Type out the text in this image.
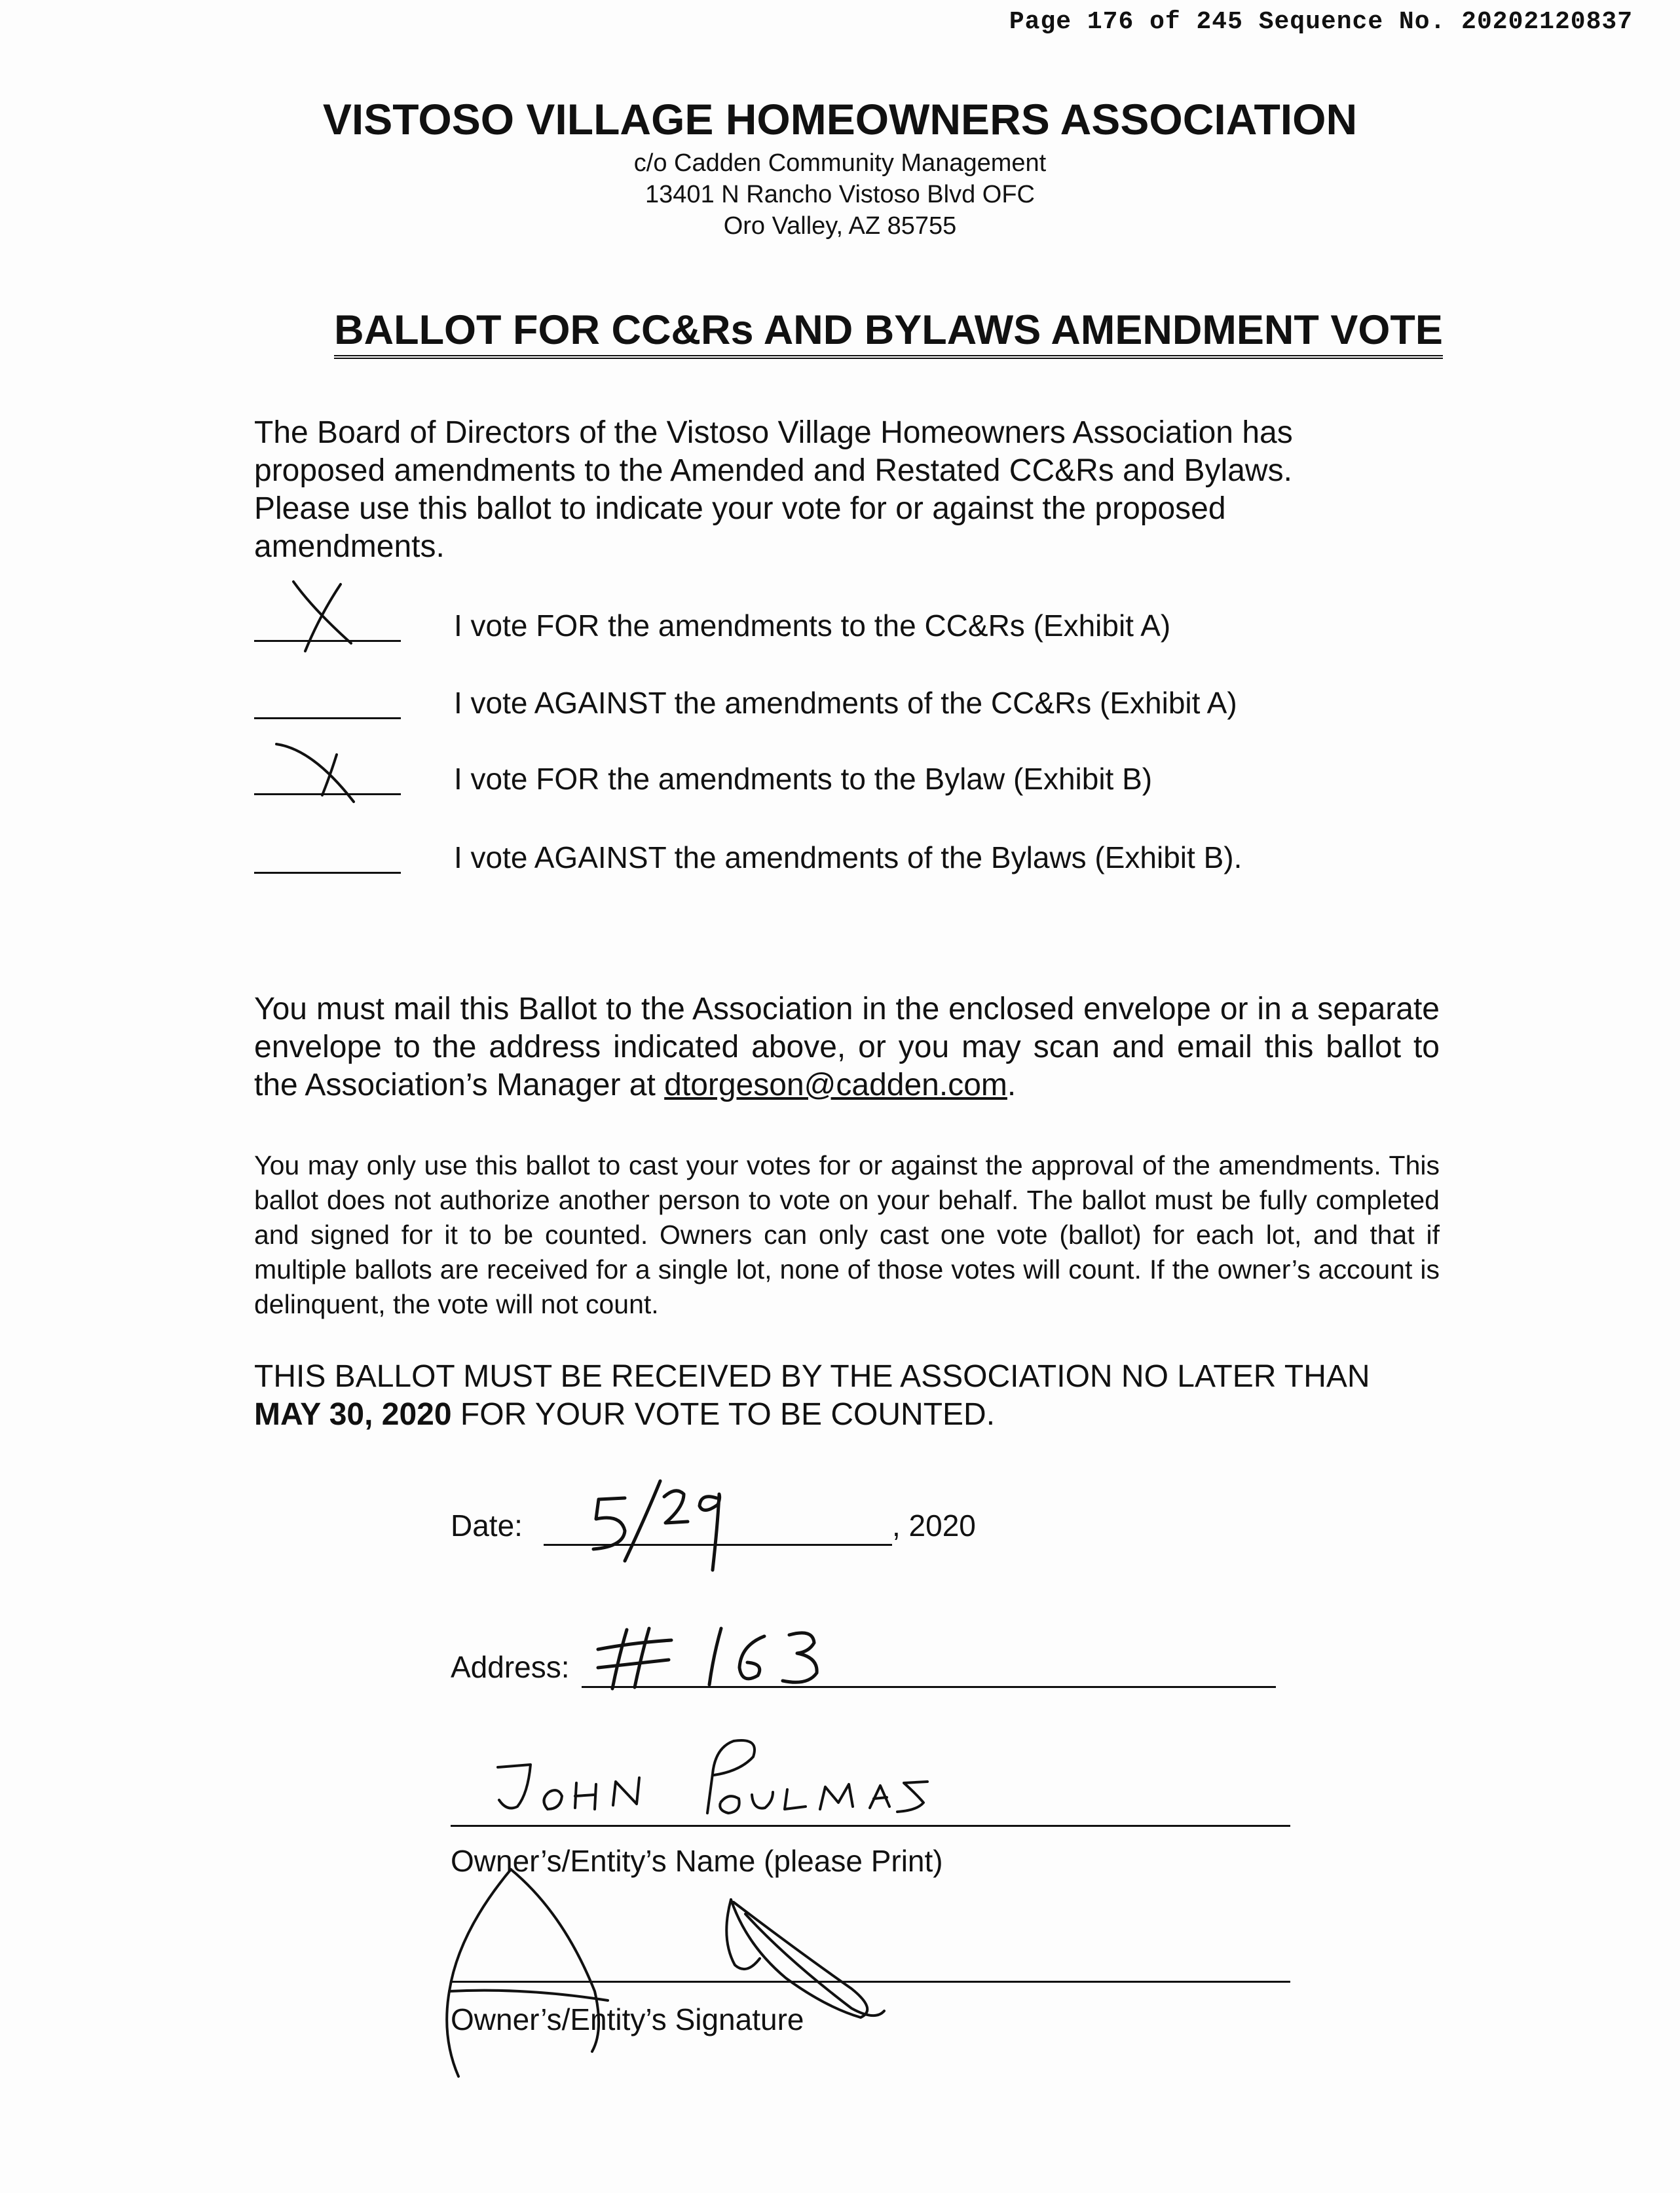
Page 176 of 245 Sequence No. 20202120837
VISTOSO VILLAGE HOMEOWNERS ASSOCIATION
c/o Cadden Community Management
13401 N Rancho Vistoso Blvd OFC
Oro Valley, AZ 85755
BALLOT FOR CC&Rs AND BYLAWS AMENDMENT VOTE
The Board of Directors of the Vistoso Village Homeowners Association has proposed amendments to the Amended and Restated CC&Rs and Bylaws. Please use this ballot to indicate your vote for or against the proposed amendments.
I vote FOR the amendments to the CC&Rs (Exhibit A)
I vote AGAINST the amendments of the CC&Rs (Exhibit A)
I vote FOR the amendments to the Bylaw (Exhibit B)
I vote AGAINST the amendments of the Bylaws (Exhibit B).
You must mail this Ballot to the Association in the enclosed envelope or in a separate envelope to the address indicated above, or you may scan and email this ballot to the Association’s Manager at dtorgeson@cadden.com.
You may only use this ballot to cast your votes for or against the approval of the amendments. This ballot does not authorize another person to vote on your behalf. The ballot must be fully completed and signed for it to be counted. Owners can only cast one vote (ballot) for each lot, and that if multiple ballots are received for a single lot, none of those votes will count. If the owner’s account is delinquent, the vote will not count.
THIS BALLOT MUST BE RECEIVED BY THE ASSOCIATION NO LATER THAN
MAY 30, 2020 FOR YOUR VOTE TO BE COUNTED.
Date:	, 2020
Address:
Owner’s/Entity’s Name (please Print)
Owner’s/Entity’s Signature
